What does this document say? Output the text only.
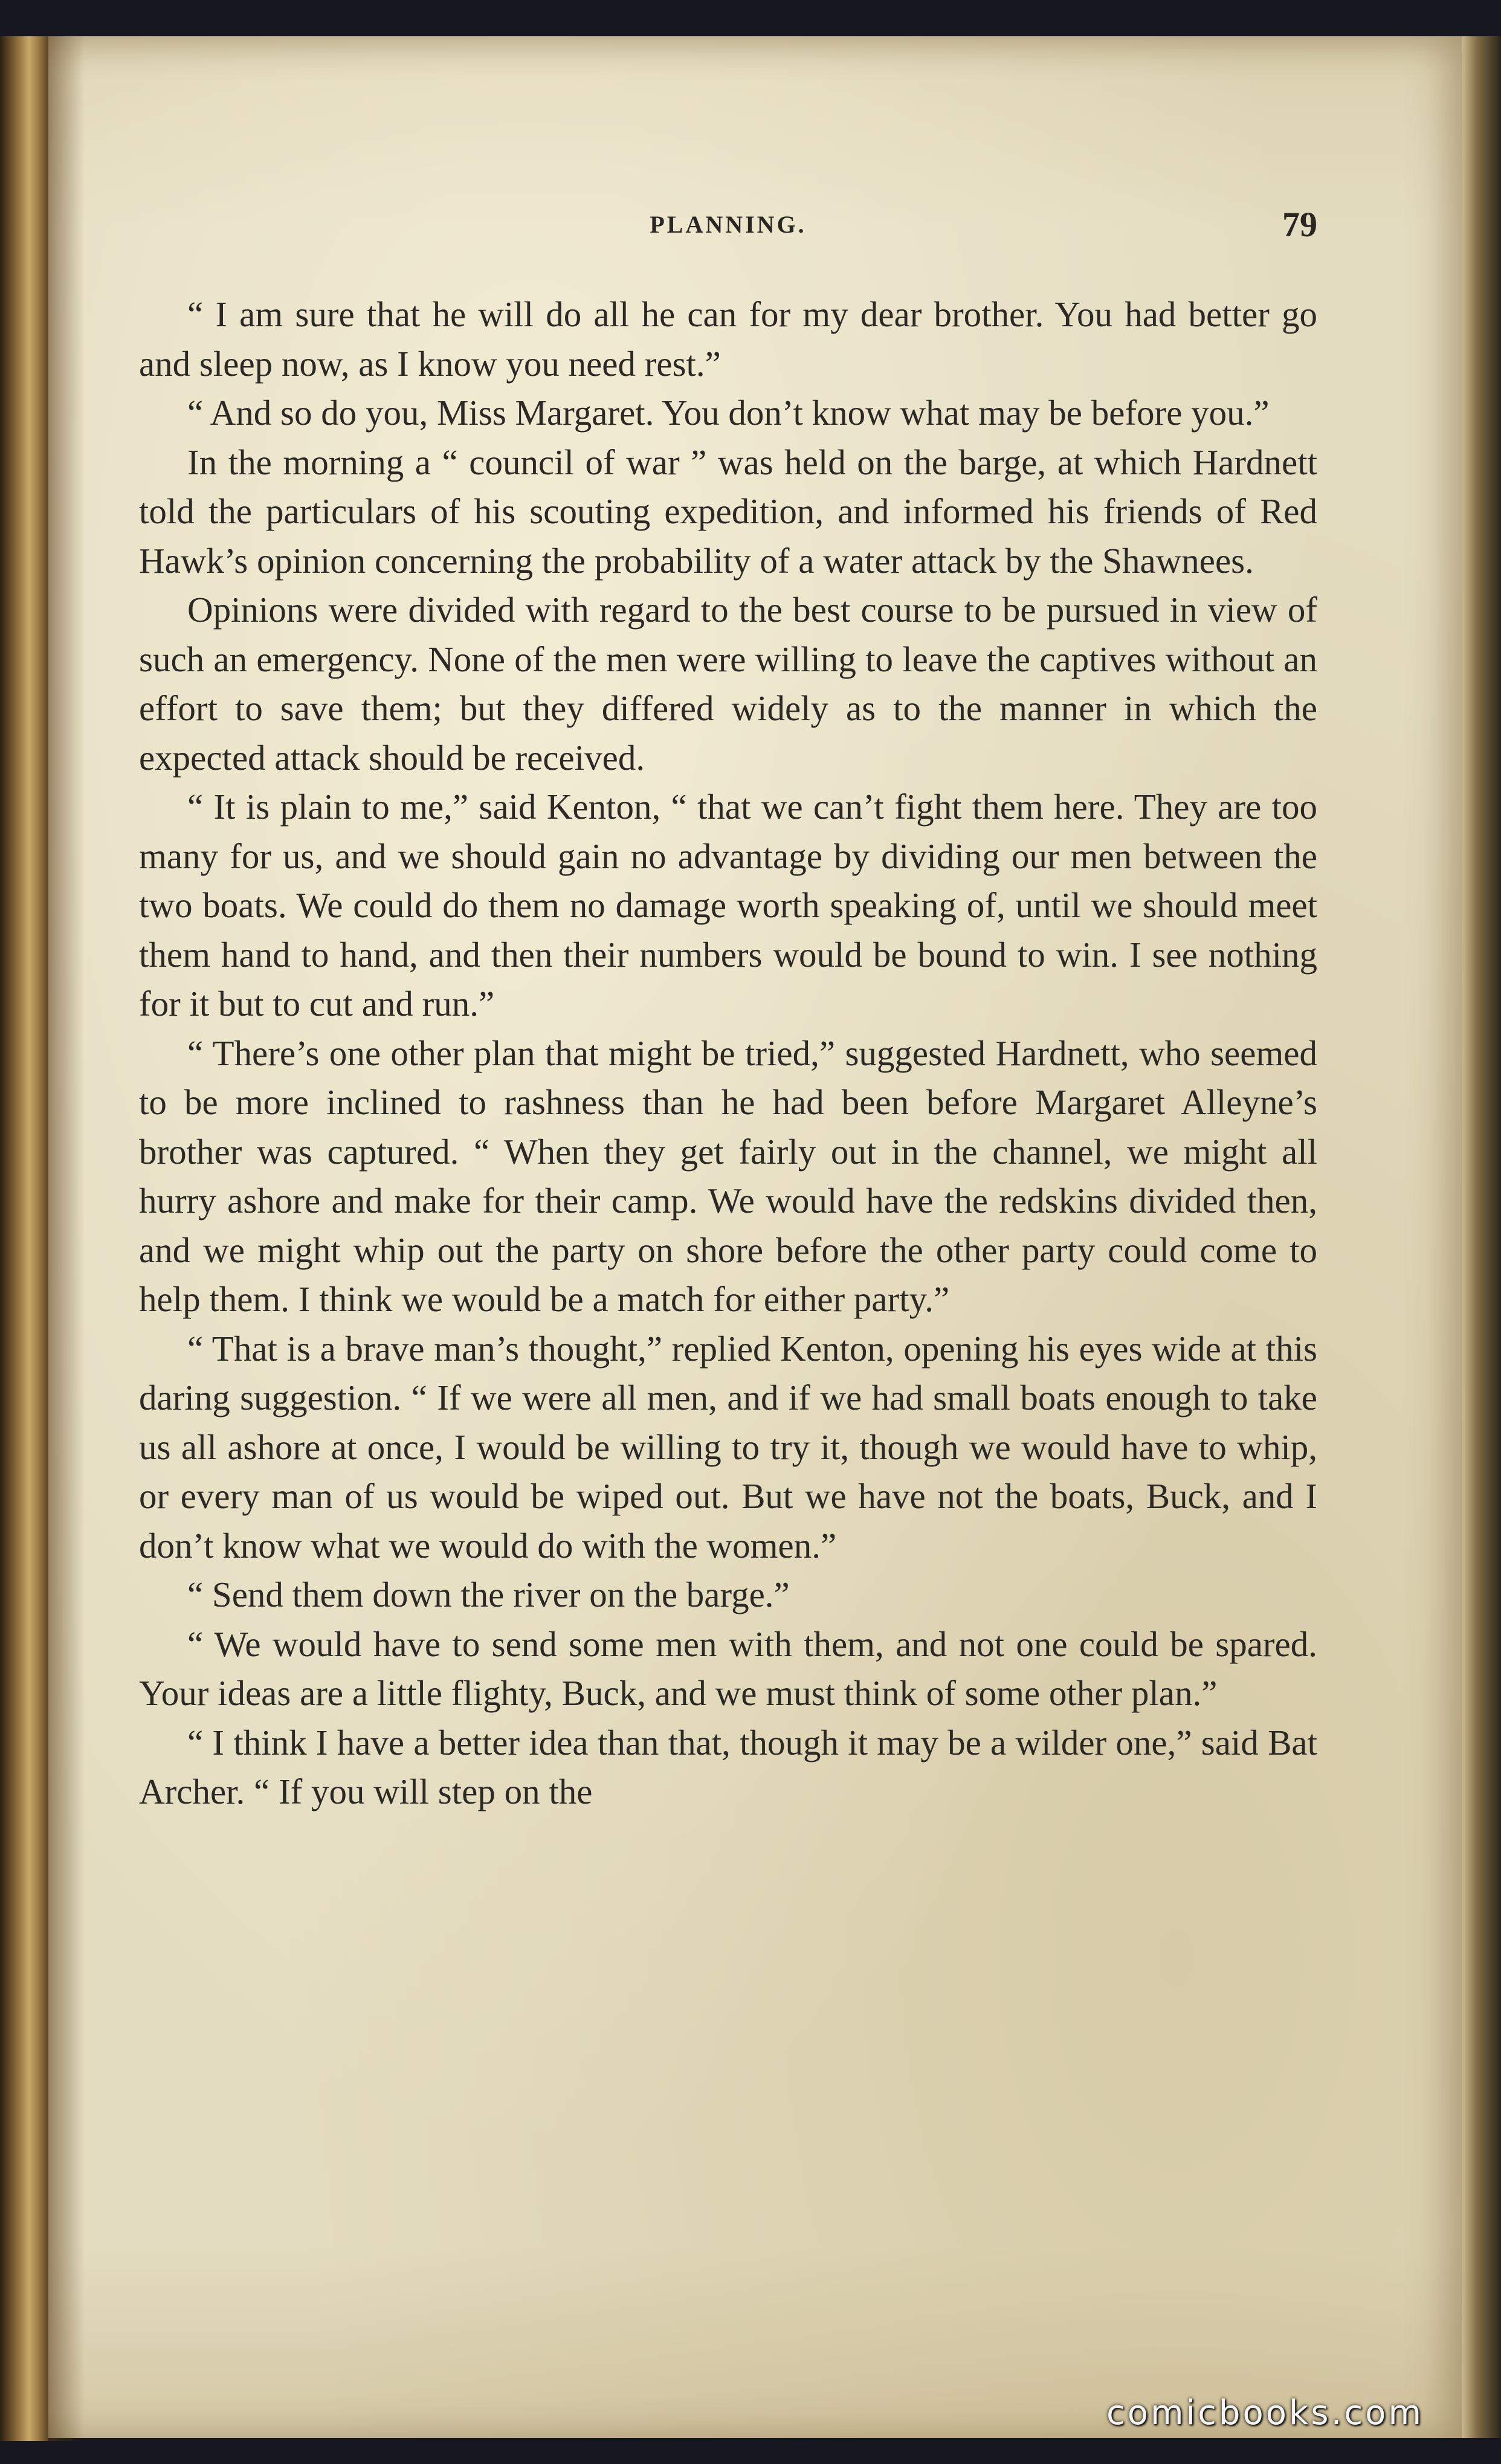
PLANNING.	79

“ I am sure that he will do all he can for my dear brother. You had better go and sleep now, as I know you need rest.”

“ And so do you, Miss Margaret. You don’t know what may be before you.”

In the morning a “ council of war ” was held on the barge, at which Hardnett told the particulars of his scouting expedition, and informed his friends of Red Hawk’s opinion concerning the probability of a water attack by the Shawnees.

Opinions were divided with regard to the best course to be pursued in view of such an emergency. None of the men were willing to leave the captives without an effort to save them; but they differed widely as to the manner in which the expected attack should be received.

“ It is plain to me,” said Kenton, “ that we can’t fight them here. They are too many for us, and we should gain no advantage by dividing our men between the two boats. We could do them no damage worth speaking of, until we should meet them hand to hand, and then their numbers would be bound to win. I see nothing for it but to cut and run.”

“ There’s one other plan that might be tried,” suggested Hardnett, who seemed to be more inclined to rashness than he had been before Margaret Alleyne’s brother was captured. “ When they get fairly out in the channel, we might all hurry ashore and make for their camp. We would have the redskins divided then, and we might whip out the party on shore before the other party could come to help them. I think we would be a match for either party.”

“ That is a brave man’s thought,” replied Kenton, opening his eyes wide at this daring suggestion. “ If we were all men, and if we had small boats enough to take us all ashore at once, I would be willing to try it, though we would have to whip, or every man of us would be wiped out. But we have not the boats, Buck, and I don’t know what we would do with the women.”

“ Send them down the river on the barge.”

“ We would have to send some men with them, and not one could be spared. Your ideas are a little flighty, Buck, and we must think of some other plan.”

“ I think I have a better idea than that, though it may be a wilder one,” said Bat Archer. “ If you will step on the

comicbooks.com
